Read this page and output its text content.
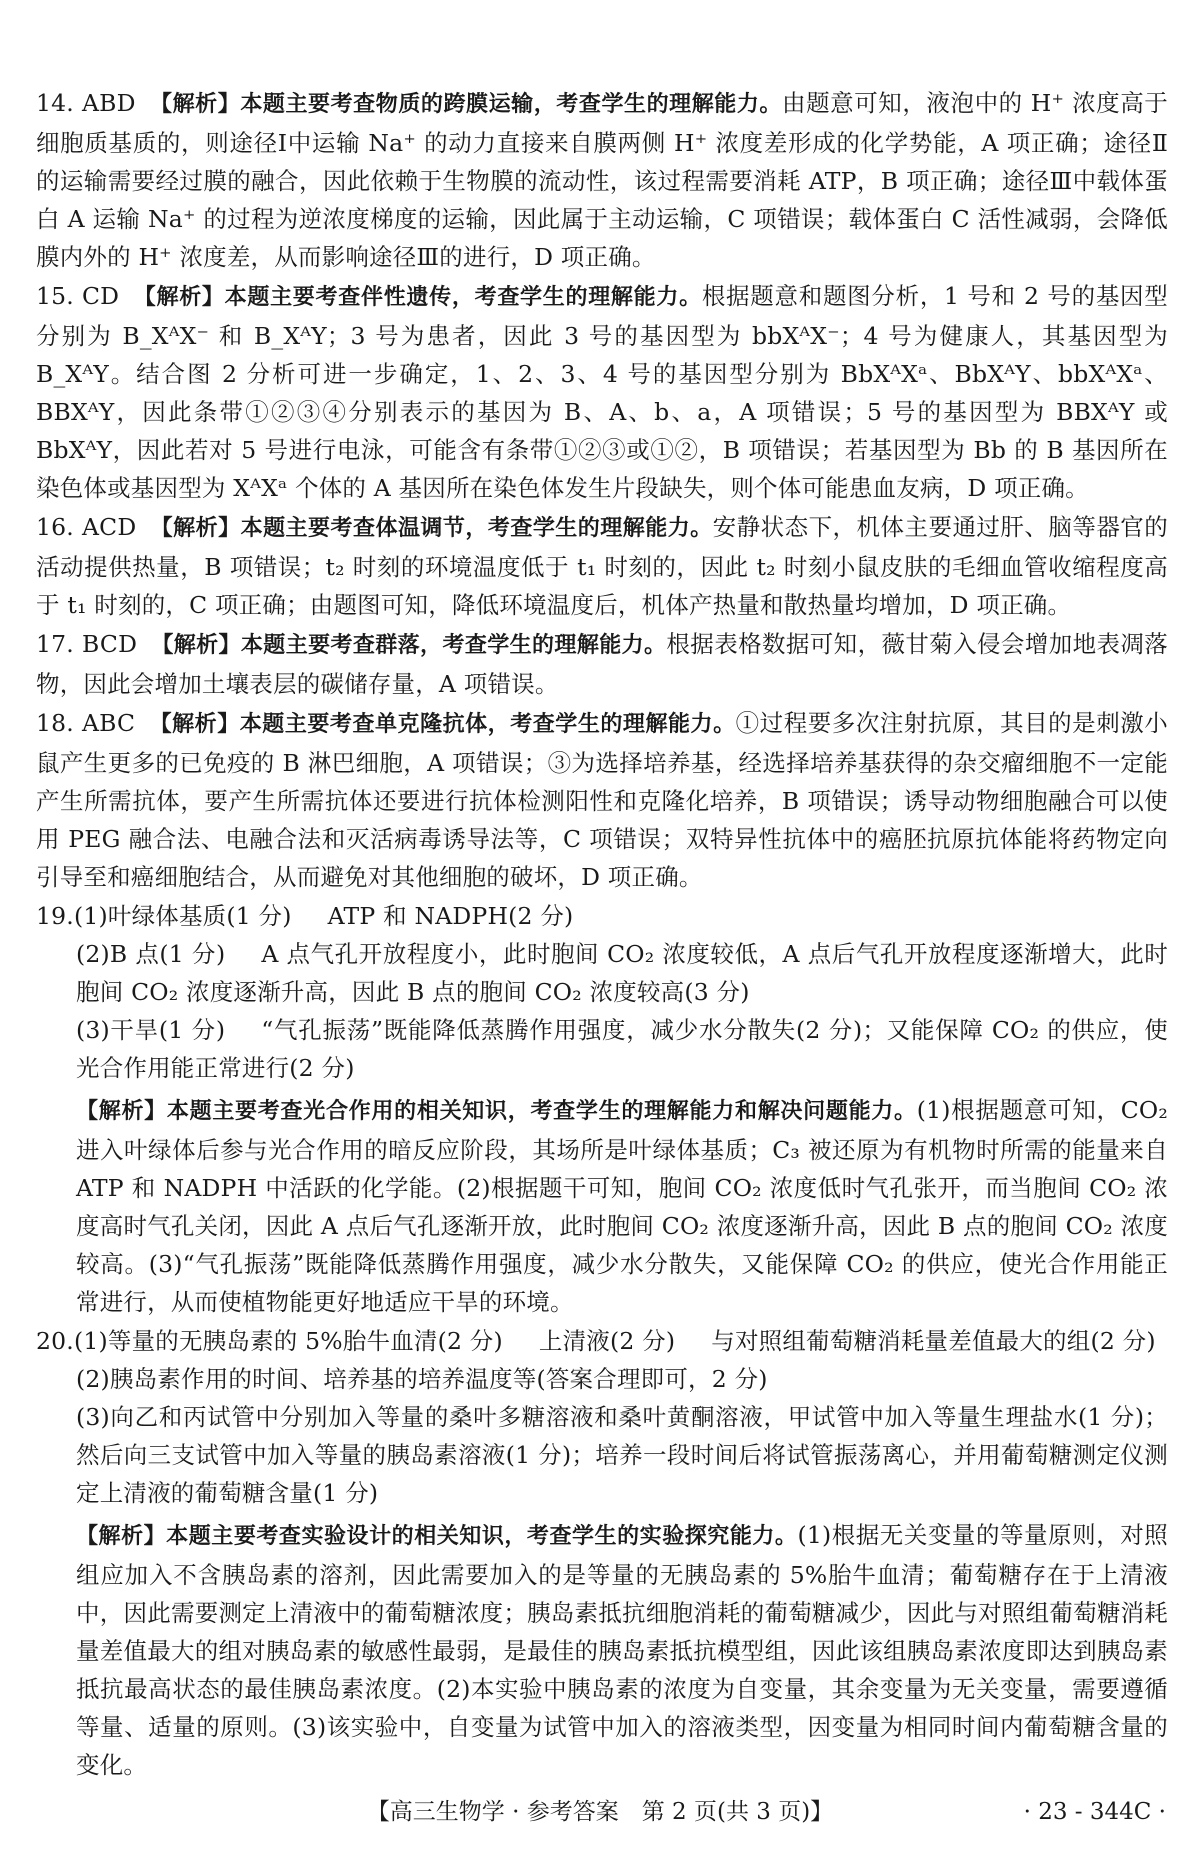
14. ABD 【解析】本题主要考查物质的跨膜运输，考查学生的理解能力。由题意可知，液泡中的 H⁺ 浓度高于细胞质基质的，则途径Ⅰ中运输 Na⁺ 的动力直接来自膜两侧 H⁺ 浓度差形成的化学势能，A 项正确；途径Ⅱ的运输需要经过膜的融合，因此依赖于生物膜的流动性，该过程需要消耗 ATP，B 项正确；途径Ⅲ中载体蛋白 A 运输 Na⁺ 的过程为逆浓度梯度的运输，因此属于主动运输，C 项错误；载体蛋白 C 活性减弱，会降低膜内外的 H⁺ 浓度差，从而影响途径Ⅲ的进行，D 项正确。
15. CD 【解析】本题主要考查伴性遗传，考查学生的理解能力。根据题意和题图分析，1 号和 2 号的基因型分别为 B_XᴬX⁻ 和 B_XᴬY；3 号为患者，因此 3 号的基因型为 bbXᴬX⁻；4 号为健康人，其基因型为 B_XᴬY。结合图 2 分析可进一步确定，1、2、3、4 号的基因型分别为 BbXᴬXᵃ、BbXᴬY、bbXᴬXᵃ、BBXᴬY，因此条带①②③④分别表示的基因为 B、A、b、a，A 项错误；5 号的基因型为 BBXᴬY 或 BbXᴬY，因此若对 5 号进行电泳，可能含有条带①②③或①②，B 项错误；若基因型为 Bb 的 B 基因所在染色体或基因型为 XᴬXᵃ 个体的 A 基因所在染色体发生片段缺失，则个体可能患血友病，D 项正确。
16. ACD 【解析】本题主要考查体温调节，考查学生的理解能力。安静状态下，机体主要通过肝、脑等器官的活动提供热量，B 项错误；t₂ 时刻的环境温度低于 t₁ 时刻的，因此 t₂ 时刻小鼠皮肤的毛细血管收缩程度高于 t₁ 时刻的，C 项正确；由题图可知，降低环境温度后，机体产热量和散热量均增加，D 项正确。
17. BCD 【解析】本题主要考查群落，考查学生的理解能力。根据表格数据可知，薇甘菊入侵会增加地表凋落物，因此会增加土壤表层的碳储存量，A 项错误。
18. ABC 【解析】本题主要考查单克隆抗体，考查学生的理解能力。①过程要多次注射抗原，其目的是刺激小鼠产生更多的已免疫的 B 淋巴细胞，A 项错误；③为选择培养基，经选择培养基获得的杂交瘤细胞不一定能产生所需抗体，要产生所需抗体还要进行抗体检测阳性和克隆化培养，B 项错误；诱导动物细胞融合可以使用 PEG 融合法、电融合法和灭活病毒诱导法等，C 项错误；双特异性抗体中的癌胚抗原抗体能将药物定向引导至和癌细胞结合，从而避免对其他细胞的破坏，D 项正确。
19.(1)叶绿体基质(1 分) ATP 和 NADPH(2 分)

(2)B 点(1 分) A 点气孔开放程度小，此时胞间 CO₂ 浓度较低，A 点后气孔开放程度逐渐增大，此时胞间 CO₂ 浓度逐渐升高，因此 B 点的胞间 CO₂ 浓度较高(3 分)

(3)干旱(1 分) “气孔振荡”既能降低蒸腾作用强度，减少水分散失(2 分)；又能保障 CO₂ 的供应，使光合作用能正常进行(2 分)

【解析】本题主要考查光合作用的相关知识，考查学生的理解能力和解决问题能力。(1)根据题意可知，CO₂ 进入叶绿体后参与光合作用的暗反应阶段，其场所是叶绿体基质；C₃ 被还原为有机物时所需的能量来自 ATP 和 NADPH 中活跃的化学能。(2)根据题干可知，胞间 CO₂ 浓度低时气孔张开，而当胞间 CO₂ 浓度高时气孔关闭，因此 A 点后气孔逐渐开放，此时胞间 CO₂ 浓度逐渐升高，因此 B 点的胞间 CO₂ 浓度较高。(3)“气孔振荡”既能降低蒸腾作用强度，减少水分散失，又能保障 CO₂ 的供应，使光合作用能正常进行，从而使植物能更好地适应干旱的环境。

20.(1)等量的无胰岛素的 5%胎牛血清(2 分) 上清液(2 分) 与对照组葡萄糖消耗量差值最大的组(2 分)

(2)胰岛素作用的时间、培养基的培养温度等(答案合理即可，2 分)

(3)向乙和丙试管中分别加入等量的桑叶多糖溶液和桑叶黄酮溶液，甲试管中加入等量生理盐水(1 分)；然后向三支试管中加入等量的胰岛素溶液(1 分)；培养一段时间后将试管振荡离心，并用葡萄糖测定仪测定上清液的葡萄糖含量(1 分)

【解析】本题主要考查实验设计的相关知识，考查学生的实验探究能力。(1)根据无关变量的等量原则，对照组应加入不含胰岛素的溶剂，因此需要加入的是等量的无胰岛素的 5%胎牛血清；葡萄糖存在于上清液中，因此需要测定上清液中的葡萄糖浓度；胰岛素抵抗细胞消耗的葡萄糖减少，因此与对照组葡萄糖消耗量差值最大的组对胰岛素的敏感性最弱，是最佳的胰岛素抵抗模型组，因此该组胰岛素浓度即达到胰岛素抵抗最高状态的最佳胰岛素浓度。(2)本实验中胰岛素的浓度为自变量，其余变量为无关变量，需要遵循等量、适量的原则。(3)该实验中，自变量为试管中加入的溶液类型，因变量为相同时间内葡萄糖含量的变化。

【高三生物学 · 参考答案　第 2 页(共 3 页)】	· 23 - 344C ·
